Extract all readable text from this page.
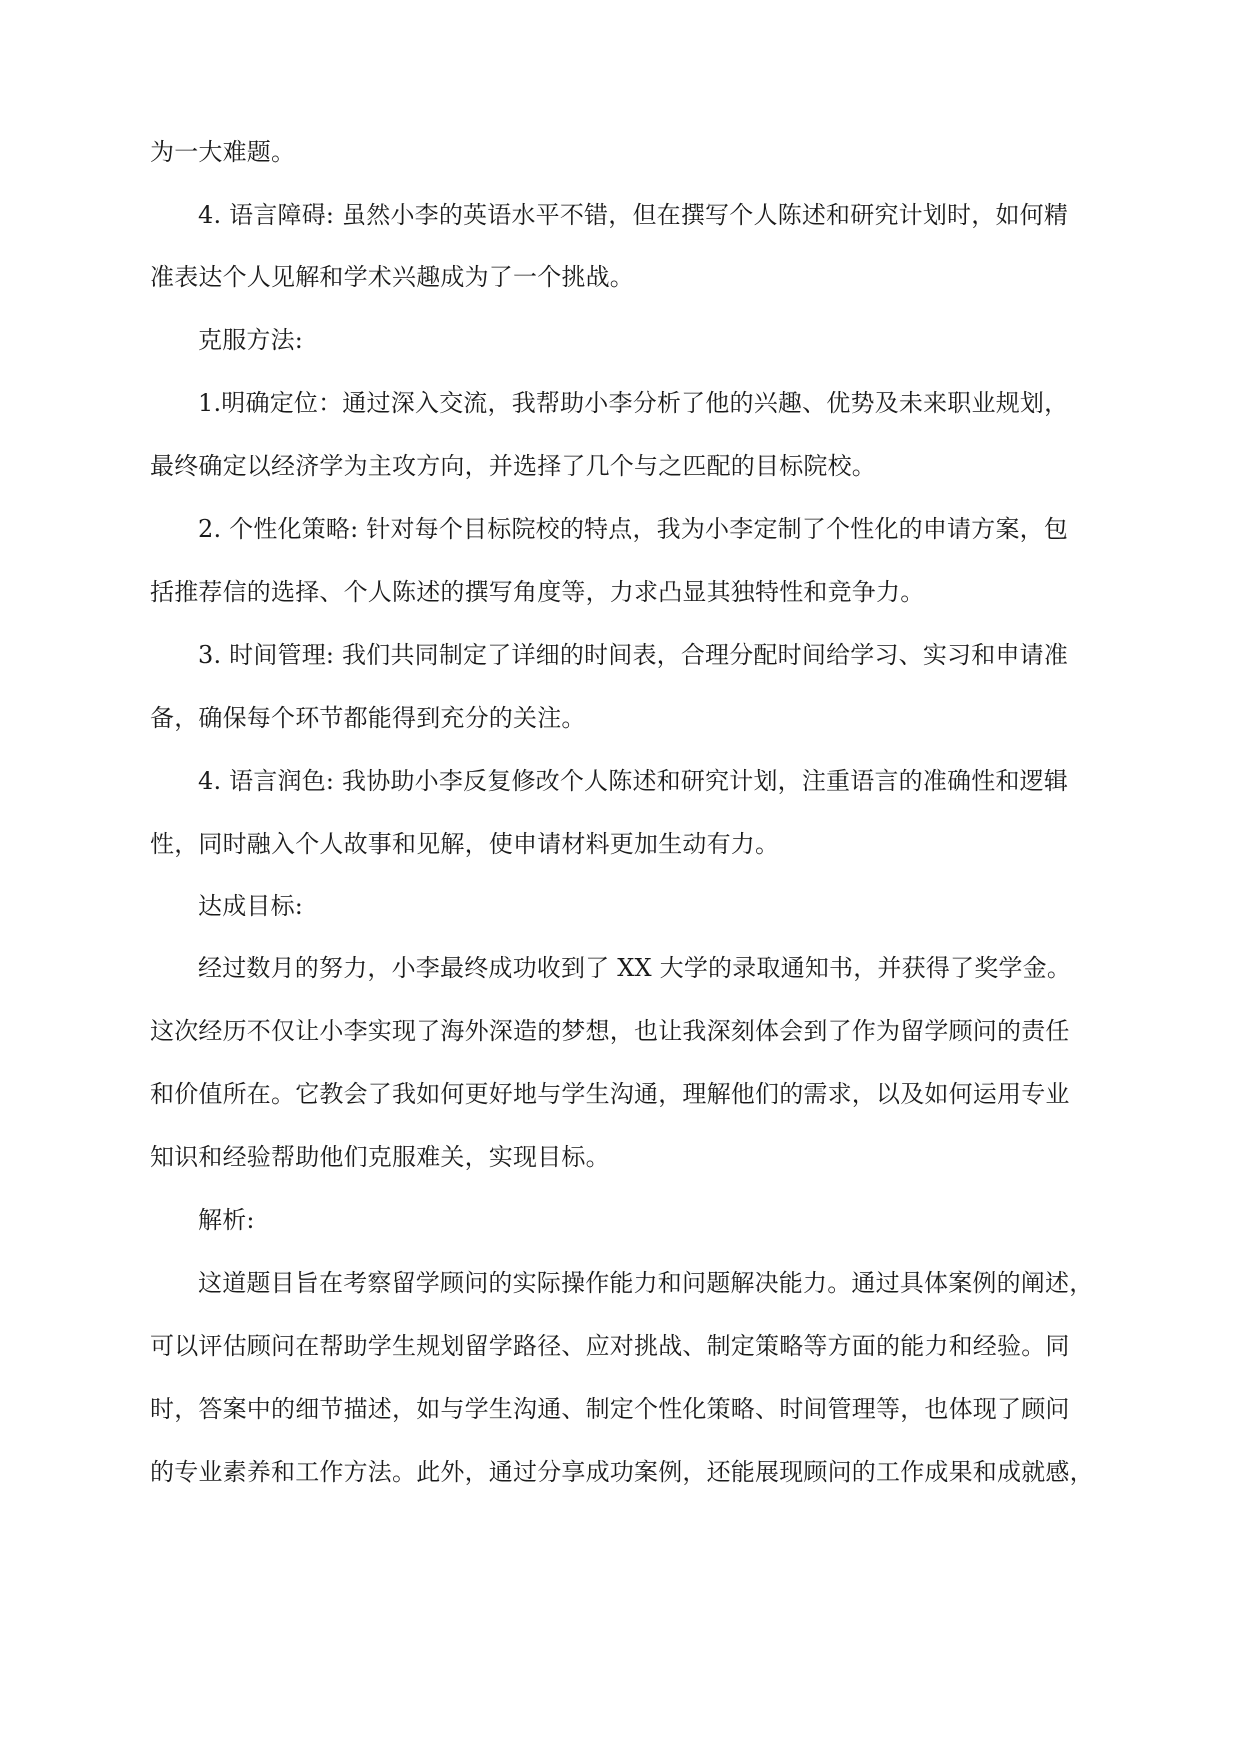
为一大难题。
4. 语言障碍: 虽然小李的英语水平不错，但在撰写个人陈述和研究计划时，如何精
准表达个人见解和学术兴趣成为了一个挑战。
克服方法:
1.明确定位：通过深入交流，我帮助小李分析了他的兴趣、优势及未来职业规划，
最终确定以经济学为主攻方向，并选择了几个与之匹配的目标院校。
2. 个性化策略: 针对每个目标院校的特点，我为小李定制了个性化的申请方案，包
括推荐信的选择、个人陈述的撰写角度等，力求凸显其独特性和竞争力。
3. 时间管理: 我们共同制定了详细的时间表，合理分配时间给学习、实习和申请准
备，确保每个环节都能得到充分的关注。
4. 语言润色: 我协助小李反复修改个人陈述和研究计划，注重语言的准确性和逻辑
性，同时融入个人故事和见解，使申请材料更加生动有力。
达成目标:
经过数月的努力，小李最终成功收到了 XX 大学的录取通知书，并获得了奖学金。
这次经历不仅让小李实现了海外深造的梦想，也让我深刻体会到了作为留学顾问的责任
和价值所在。它教会了我如何更好地与学生沟通，理解他们的需求，以及如何运用专业
知识和经验帮助他们克服难关，实现目标。
解析:
这道题目旨在考察留学顾问的实际操作能力和问题解决能力。通过具体案例的阐述，
可以评估顾问在帮助学生规划留学路径、应对挑战、制定策略等方面的能力和经验。同
时，答案中的细节描述，如与学生沟通、制定个性化策略、时间管理等，也体现了顾问
的专业素养和工作方法。此外，通过分享成功案例，还能展现顾问的工作成果和成就感，
